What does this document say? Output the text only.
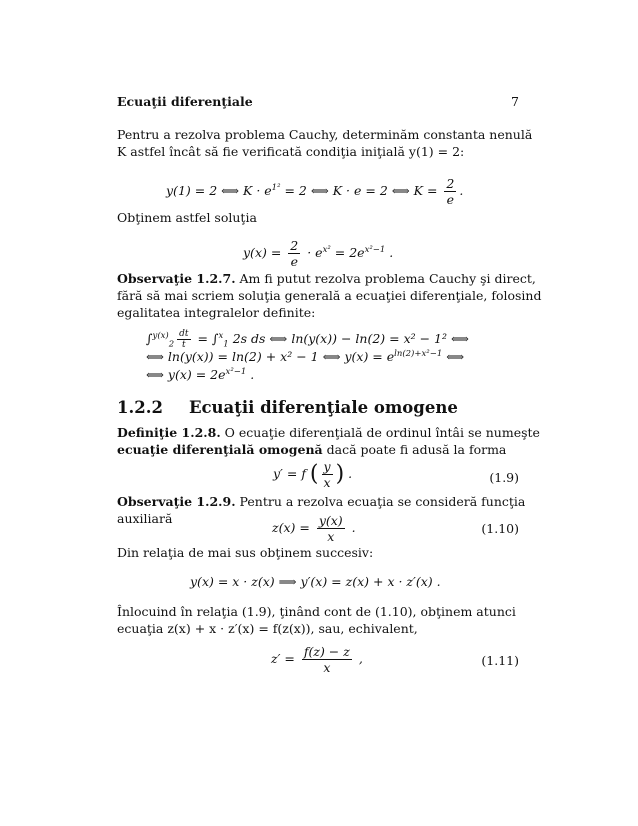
Ecuaţii diferenţiale	7
Pentru a rezolva problema Cauchy, determinăm constanta nenulă
K astfel încât să fie verificată condiţia iniţială y(1) = 2:
y(1) = 2 ⟺ $K \cdot e^{1^2} = 2$ ⟺ K · e = 2 ⟺ $K = \frac{2}{e}$ .
Obţinem astfel soluţia
$y(x) = \frac{2}{e} \cdot e^{x^2} = 2e^{x^2-1}$ .
Observaţie 1.2.7. Am fi putut rezolva problema Cauchy şi direct,
fără să mai scriem soluţia generală a ecuaţiei diferenţiale, folosind
egalitatea integralelor definite:
$\int^{y(x)}_2 \frac{dt}{t} = \int^x_1$ 2s ds ⟺ ln(y(x)) − ln(2) = x² − 1² ⟺
⟺ ln(y(x)) = ln(2) + x² − 1 ⟺ $y(x) = e^{ln(2)+x^2-1}$ ⟺
⟺ $y(x) = 2e^{x^2-1}$ .
1.2.2 Ecuaţii diferenţiale omogene
Definiţie 1.2.8. O ecuaţie diferenţială de ordinul întâi se numeşte
ecuaţie diferenţială omogenă dacă poate fi adusă la forma
y′ = f ( $\frac{y}{x}$ ) .	(1.9)
Observaţie 1.2.9. Pentru a rezolva ecuaţia se consideră funcţia
auxiliară
$z(x) = \frac{y(x)}{x}$ .	(1.10)
Din relaţia de mai sus obţinem succesiv:
y(x) = x · z(x) ⟹ y′(x) = z(x) + x · z′(x) .
Înlocuind în relaţia (1.9), ţinând cont de (1.10), obţinem atunci
ecuaţia z(x) + x · z′(x) = f(z(x)), sau, echivalent,
$z' = \frac{f(z) - z}{x}$ ,	(1.11)
